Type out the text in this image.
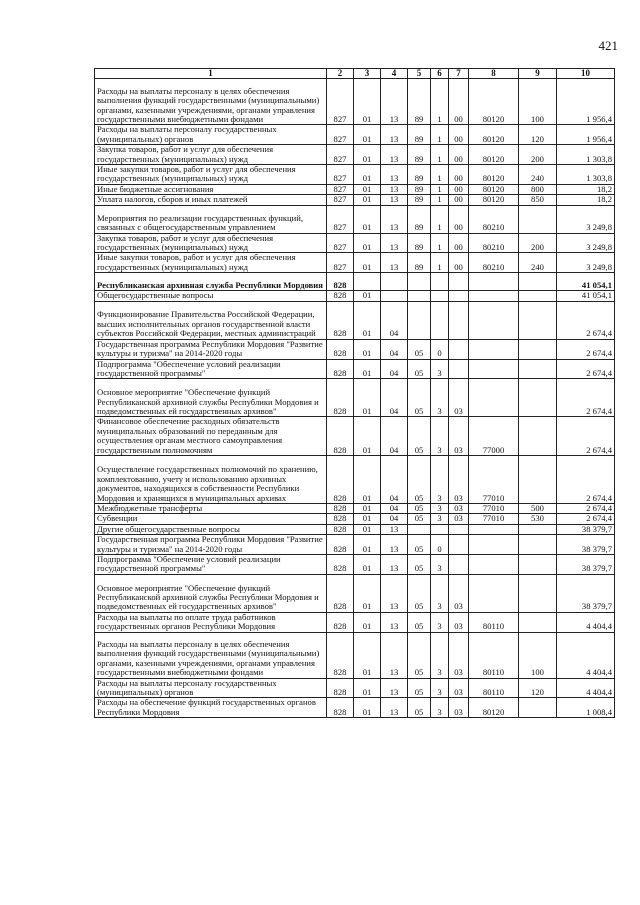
421
1	2	3	4	5	6	7	8	9	10
Расходы на выплаты персоналу в целях обеспечения выполнения функций государственными (муниципальными) органами, казенными учреждениями, органами управления государственными внебюджетными фондами	827	01	13	89	1	00	80120	100	1 956,4
Расходы на выплаты персоналу государственных (муниципальных) органов	827	01	13	89	1	00	80120	120	1 956,4
Закупка товаров, работ и услуг для обеспечения государственных (муниципальных) нужд	827	01	13	89	1	00	80120	200	1 303,8
Иные закупки товаров, работ и услуг для обеспечения государственных (муниципальных) нужд	827	01	13	89	1	00	80120	240	1 303,8
Иные бюджетные ассигнования	827	01	13	89	1	00	80120	800	18,2
Уплата налогов, сборов и иных платежей	827	01	13	89	1	00	80120	850	18,2
Мероприятия по реализации государственных функций, связанных с общегосударственным управлением	827	01	13	89	1	00	80210		3 249,8
Закупка товаров, работ и услуг для обеспечения государственных (муниципальных) нужд	827	01	13	89	1	00	80210	200	3 249,8
Иные закупки товаров, работ и услуг для обеспечения государственных (муниципальных) нужд	827	01	13	89	1	00	80210	240	3 249,8
Республиканская архивная служба Республики Мордовия	828								41 054,1
Общегосударственные вопросы	828	01							41 054,1
Функционирование Правительства Российской Федерации, высших исполнительных органов государственной власти субъектов Российской Федерации, местных администраций	828	01	04						2 674,4
Государственная программа Республики Мордовия "Развитие культуры и туризма" на 2014-2020 годы	828	01	04	05	0				2 674,4
Подпрограмма "Обеспечение условий реализации государственной программы"	828	01	04	05	3				2 674,4
Основное мероприятие "Обеспечение функций Республиканской архивной службы Республики Мордовия и подведомственных ей государственных архивов"	828	01	04	05	3	03			2 674,4
Финансовое обеспечение расходных обязательств муниципальных образований по переданным для осуществления органам местного самоуправления государственным полномочиям	828	01	04	05	3	03	77000		2 674,4
Осуществление государственных полномочий по хранению, комплектованию, учету и использованию архивных документов, находящихся в собственности Республики Мордовия и хранящихся в муниципальных архивах	828	01	04	05	3	03	77010		2 674,4
Межбюджетные трансферты	828	01	04	05	3	03	77010	500	2 674,4
Субвенции	828	01	04	05	3	03	77010	530	2 674,4
Другие общегосударственные вопросы	828	01	13						38 379,7
Государственная программа Республики Мордовия "Развитие культуры и туризма" на 2014-2020 годы	828	01	13	05	0				38 379,7
Подпрограмма "Обеспечение условий реализации государственной программы"	828	01	13	05	3				38 379,7
Основное мероприятие "Обеспечение функций Республиканской архивной службы Республики Мордовия и подведомственных ей государственных архивов"	828	01	13	05	3	03			38 379,7
Расходы на выплаты по оплате труда работников государственных органов Республики Мордовия	828	01	13	05	3	03	80110		4 404,4
Расходы на выплаты персоналу в целях обеспечения выполнения функций государственными (муниципальными) органами, казенными учреждениями, органами управления государственными внебюджетными фондами	828	01	13	05	3	03	80110	100	4 404,4
Расходы на выплаты персоналу государственных (муниципальных) органов	828	01	13	05	3	03	80110	120	4 404,4
Расходы на обеспечение функций государственных органов Республики Мордовия	828	01	13	05	3	03	80120		1 008,4
